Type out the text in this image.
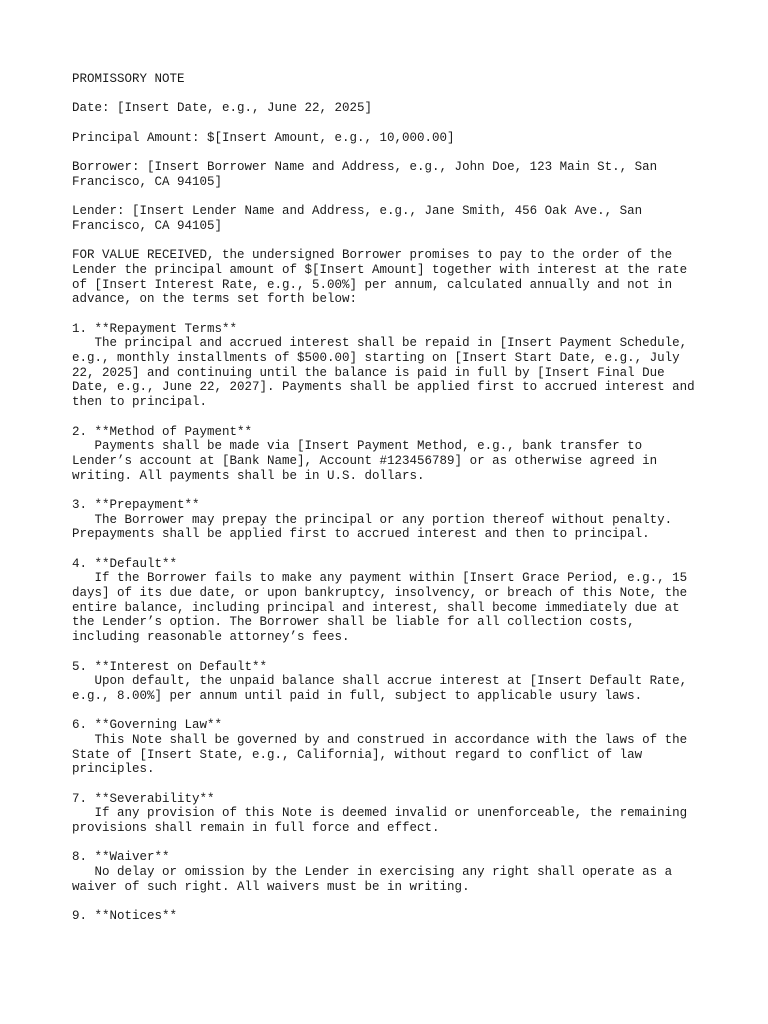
PROMISSORY NOTE
Date: [Insert Date, e.g., June 22, 2025]
Principal Amount: $[Insert Amount, e.g., 10,000.00]
Borrower: [Insert Borrower Name and Address, e.g., John Doe, 123 Main St., San
Francisco, CA 94105]
Lender: [Insert Lender Name and Address, e.g., Jane Smith, 456 Oak Ave., San
Francisco, CA 94105]
FOR VALUE RECEIVED, the undersigned Borrower promises to pay to the order of the
Lender the principal amount of $[Insert Amount] together with interest at the rate
of [Insert Interest Rate, e.g., 5.00%] per annum, calculated annually and not in
advance, on the terms set forth below:
1. **Repayment Terms**
The principal and accrued interest shall be repaid in [Insert Payment Schedule,
e.g., monthly installments of $500.00] starting on [Insert Start Date, e.g., July
22, 2025] and continuing until the balance is paid in full by [Insert Final Due
Date, e.g., June 22, 2027]. Payments shall be applied first to accrued interest and
then to principal.
2. **Method of Payment**
Payments shall be made via [Insert Payment Method, e.g., bank transfer to
Lender’s account at [Bank Name], Account #123456789] or as otherwise agreed in
writing. All payments shall be in U.S. dollars.
3. **Prepayment**
The Borrower may prepay the principal or any portion thereof without penalty.
Prepayments shall be applied first to accrued interest and then to principal.
4. **Default**
If the Borrower fails to make any payment within [Insert Grace Period, e.g., 15
days] of its due date, or upon bankruptcy, insolvency, or breach of this Note, the
entire balance, including principal and interest, shall become immediately due at
the Lender’s option. The Borrower shall be liable for all collection costs,
including reasonable attorney’s fees.
5. **Interest on Default**
Upon default, the unpaid balance shall accrue interest at [Insert Default Rate,
e.g., 8.00%] per annum until paid in full, subject to applicable usury laws.
6. **Governing Law**
This Note shall be governed by and construed in accordance with the laws of the
State of [Insert State, e.g., California], without regard to conflict of law
principles.
7. **Severability**
If any provision of this Note is deemed invalid or unenforceable, the remaining
provisions shall remain in full force and effect.
8. **Waiver**
No delay or omission by the Lender in exercising any right shall operate as a
waiver of such right. All waivers must be in writing.
9. **Notices**
